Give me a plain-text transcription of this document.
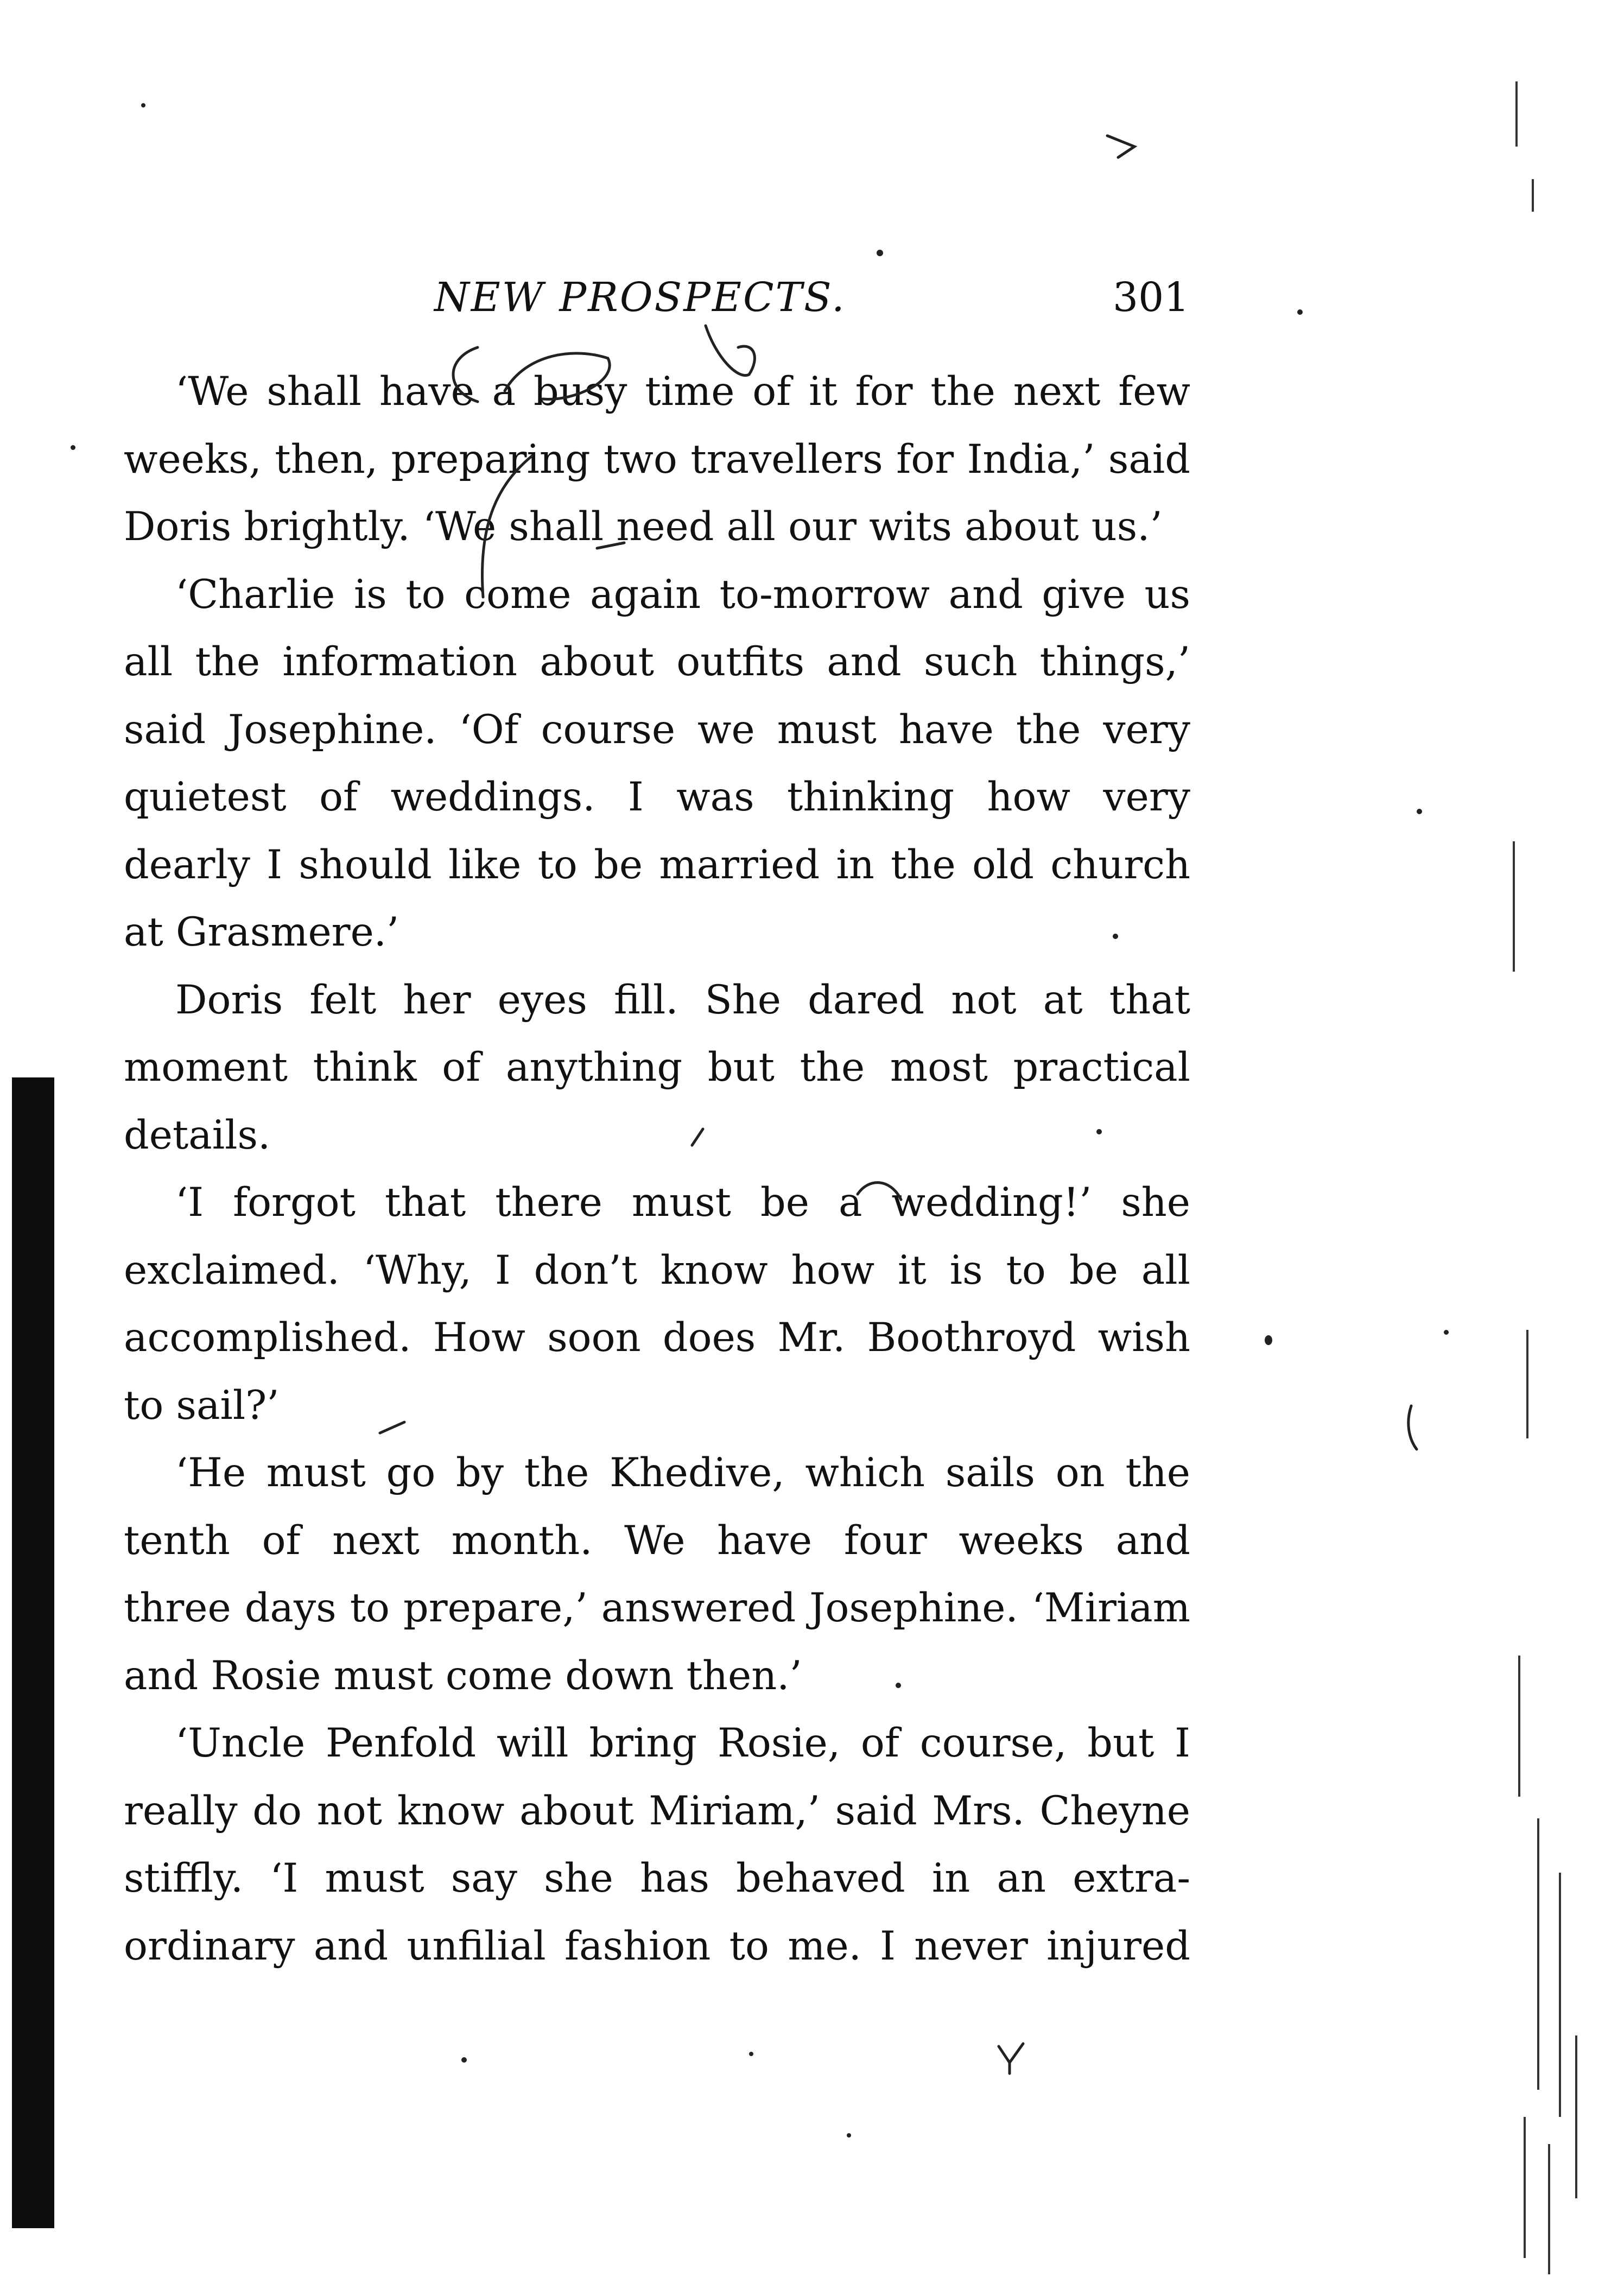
NEW PROSPECTS.	301
‘We shall have a busy time of it for the next few
weeks, then, preparing two travellers for India,’ said
Doris brightly. ‘We shall need all our wits about us.’
‘Charlie is to come again to-morrow and give us
all the information about outfits and such things,’
said Josephine. ‘Of course we must have the very
quietest of weddings. I was thinking how very
dearly I should like to be married in the old church
at Grasmere.’
Doris felt her eyes fill. She dared not at that
moment think of anything but the most practical
details.
‘I forgot that there must be a wedding!’ she
exclaimed. ‘Why, I don’t know how it is to be all
accomplished. How soon does Mr. Boothroyd wish
to sail?’
‘He must go by the Khedive, which sails on the
tenth of next month. We have four weeks and
three days to prepare,’ answered Josephine. ‘Miriam
and Rosie must come down then.’
‘Uncle Penfold will bring Rosie, of course, but I
really do not know about Miriam,’ said Mrs. Cheyne
stiffly. ‘I must say she has behaved in an extra-
ordinary and unfilial fashion to me. I never injured
